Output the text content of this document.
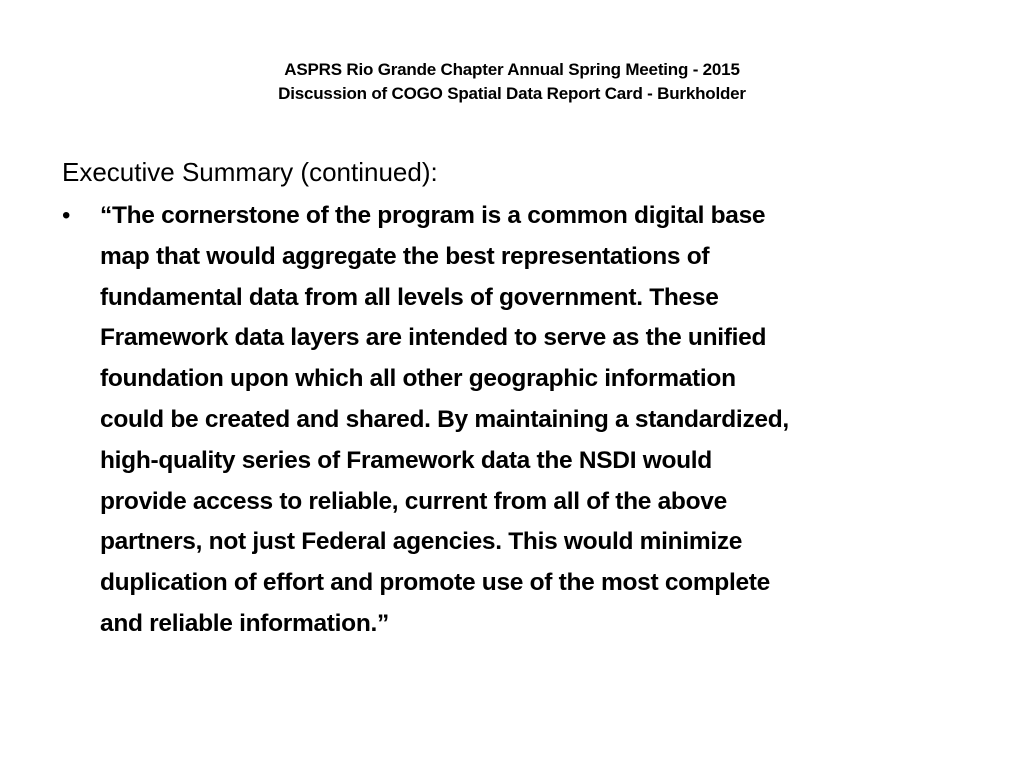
ASPRS Rio Grande Chapter Annual Spring Meeting - 2015
Discussion of COGO Spatial Data Report Card - Burkholder
Executive Summary (continued):
• “The cornerstone of the program is a common digital base
map that would aggregate the best representations of
fundamental data from all levels of government. These
Framework data layers are intended to serve as the unified
foundation upon which all other geographic information
could be created and shared. By maintaining a standardized,
high-quality series of Framework data the NSDI would
provide access to reliable, current from all of the above
partners, not just Federal agencies. This would minimize
duplication of effort and promote use of the most complete
and reliable information.”
